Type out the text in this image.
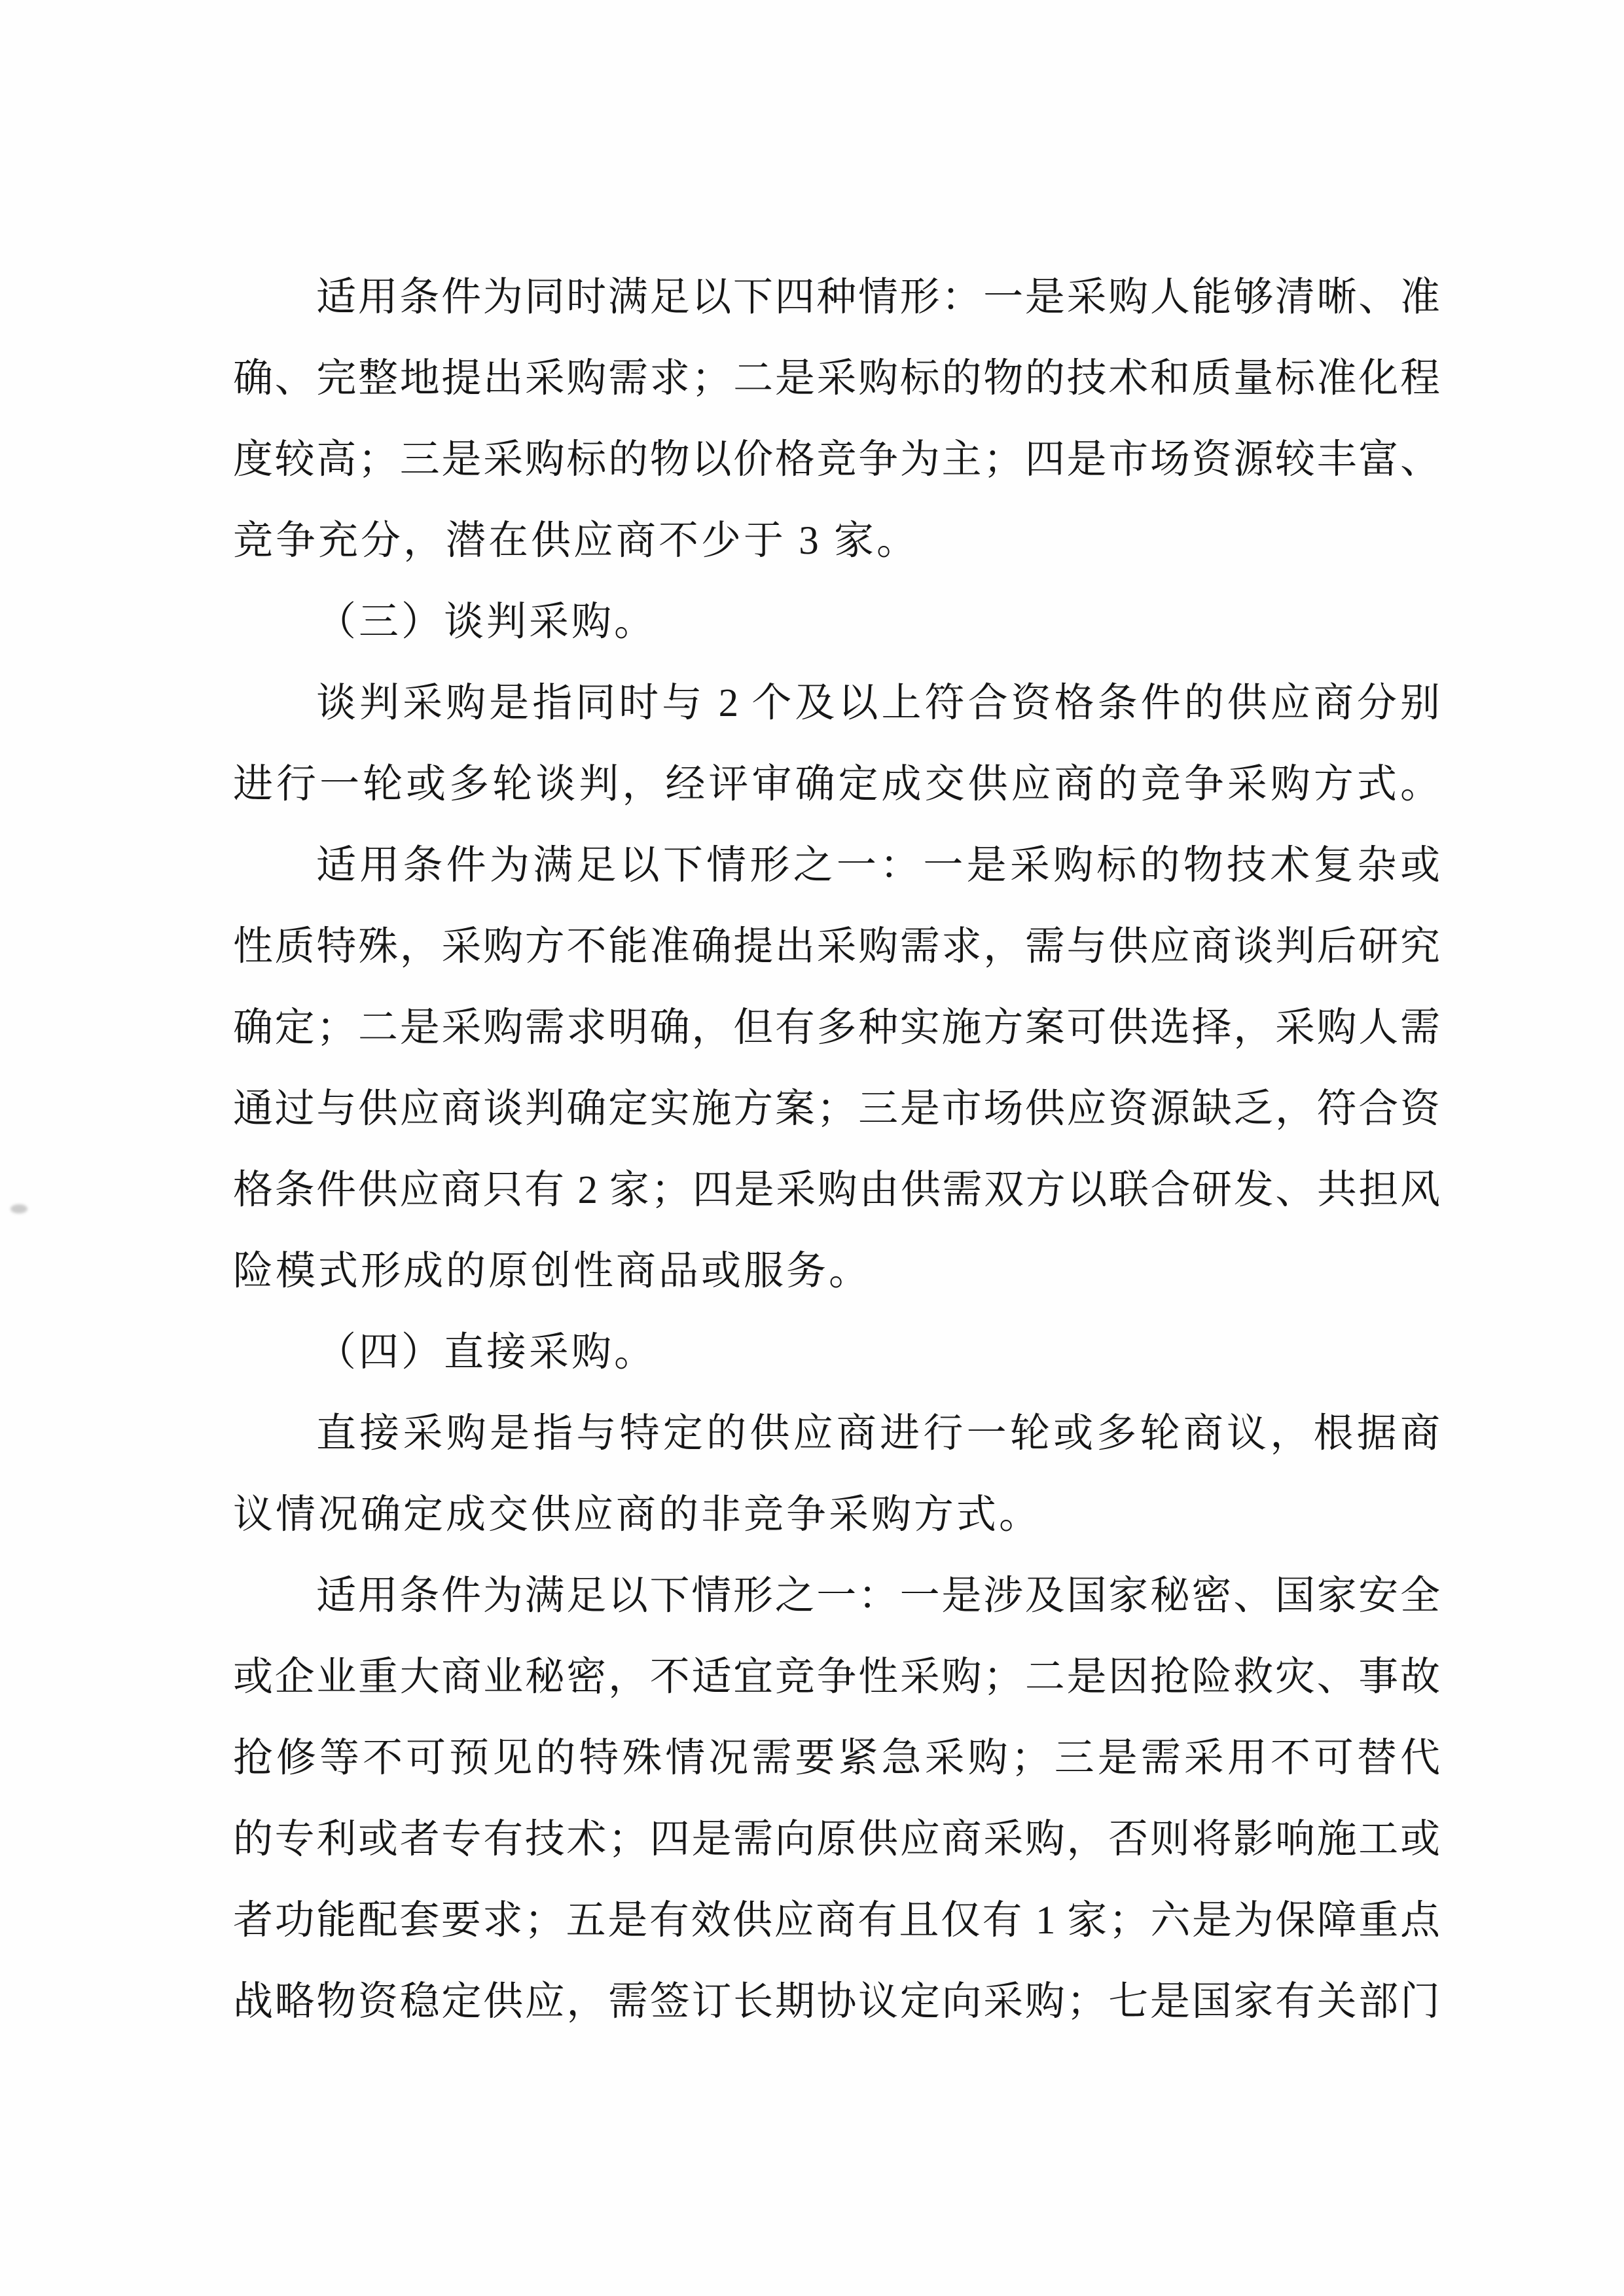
适用条件为同时满足以下四种情形：一是采购人能够清晰、准
确、完整地提出采购需求；二是采购标的物的技术和质量标准化程
度较高；三是采购标的物以价格竞争为主；四是市场资源较丰富、
竞争充分，潜在供应商不少于 3 家。
（三）谈判采购。
谈判采购是指同时与 2 个及以上符合资格条件的供应商分别
进行一轮或多轮谈判，经评审确定成交供应商的竞争采购方式。
适用条件为满足以下情形之一：一是采购标的物技术复杂或
性质特殊，采购方不能准确提出采购需求，需与供应商谈判后研究
确定；二是采购需求明确，但有多种实施方案可供选择，采购人需
通过与供应商谈判确定实施方案；三是市场供应资源缺乏，符合资
格条件供应商只有 2 家；四是采购由供需双方以联合研发、共担风
险模式形成的原创性商品或服务。
（四）直接采购。
直接采购是指与特定的供应商进行一轮或多轮商议，根据商
议情况确定成交供应商的非竞争采购方式。
适用条件为满足以下情形之一：一是涉及国家秘密、国家安全
或企业重大商业秘密，不适宜竞争性采购；二是因抢险救灾、事故
抢修等不可预见的特殊情况需要紧急采购；三是需采用不可替代
的专利或者专有技术；四是需向原供应商采购，否则将影响施工或
者功能配套要求；五是有效供应商有且仅有 1 家；六是为保障重点
战略物资稳定供应，需签订长期协议定向采购；七是国家有关部门
